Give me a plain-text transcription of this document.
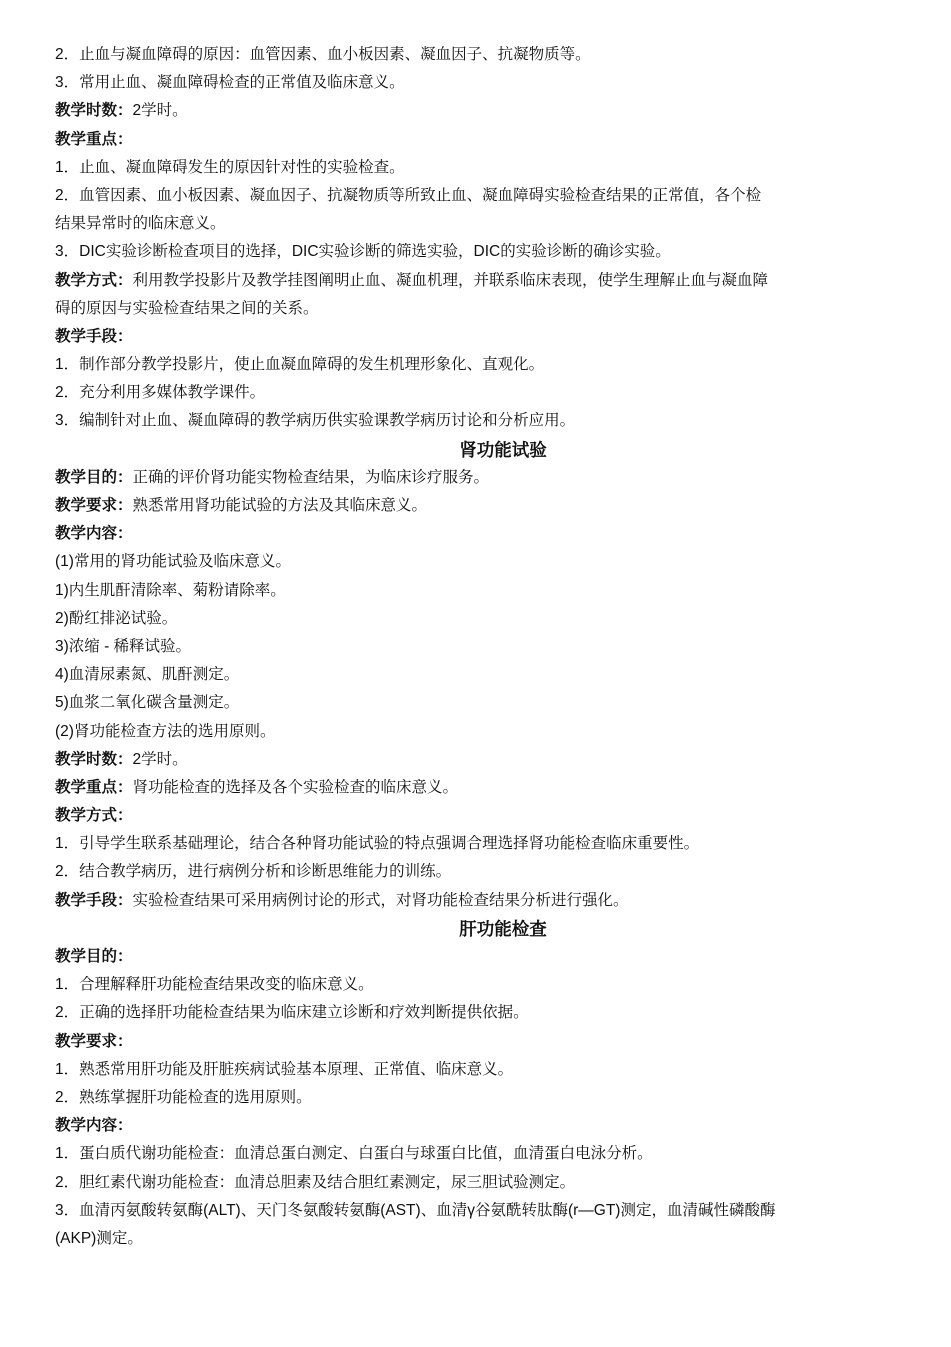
2．止血与凝血障碍的原因：血管因素、血小板因素、凝血因子、抗凝物质等。
3．常用止血、凝血障碍检查的正常值及临床意义。
教学时数：2学时。
教学重点：
1．止血、凝血障碍发生的原因针对性的实验检查。
2．血管因素、血小板因素、凝血因子、抗凝物质等所致止血、凝血障碍实验检查结果的正常值，各个检
结果异常时的临床意义。
3．DIC实验诊断检查项目的选择，DIC实验诊断的筛选实验，DIC的实验诊断的确诊实验。
教学方式：利用教学投影片及教学挂图阐明止血、凝血机理，并联系临床表现，使学生理解止血与凝血障
碍的原因与实验检查结果之间的关系。
教学手段：
1．制作部分教学投影片，使止血凝血障碍的发生机理形象化、直观化。
2．充分利用多媒体教学课件。
3．编制针对止血、凝血障碍的教学病历供实验课教学病历讨论和分析应用。
肾功能试验
教学目的：正确的评价肾功能实物检查结果，为临床诊疗服务。
教学要求：熟悉常用肾功能试验的方法及其临床意义。
教学内容：
(1)常用的肾功能试验及临床意义。
1)内生肌酐清除率、菊粉请除率。
2)酚红排泌试验。
3)浓缩 - 稀释试验。
4)血清尿素氮、肌酐测定。
5)血浆二氧化碳含量测定。
(2)肾功能检查方法的选用原则。
教学时数：2学时。
教学重点：肾功能检查的选择及各个实验检查的临床意义。
教学方式：
1．引导学生联系基础理论，结合各种肾功能试验的特点强调合理选择肾功能检查临床重要性。
2．结合教学病历，进行病例分析和诊断思维能力的训练。
教学手段：实验检查结果可采用病例讨论的形式，对肾功能检查结果分析进行强化。
肝功能检查
教学目的：
1．合理解释肝功能检查结果改变的临床意义。
2．正确的选择肝功能检查结果为临床建立诊断和疗效判断提供依据。
教学要求：
1．熟悉常用肝功能及肝脏疾病试验基本原理、正常值、临床意义。
2．熟练掌握肝功能检查的选用原则。
教学内容：
1．蛋白质代谢功能检查：血清总蛋白测定、白蛋白与球蛋白比值，血清蛋白电泳分析。
2．胆红素代谢功能检查：血清总胆素及结合胆红素测定，尿三胆试验测定。
3．血清丙氨酸转氨酶(ALT)、天门冬氨酸转氨酶(AST)、血清γ谷氨酰转肽酶(r—GT)测定，血清碱性磷酸酶
(AKP)测定。
